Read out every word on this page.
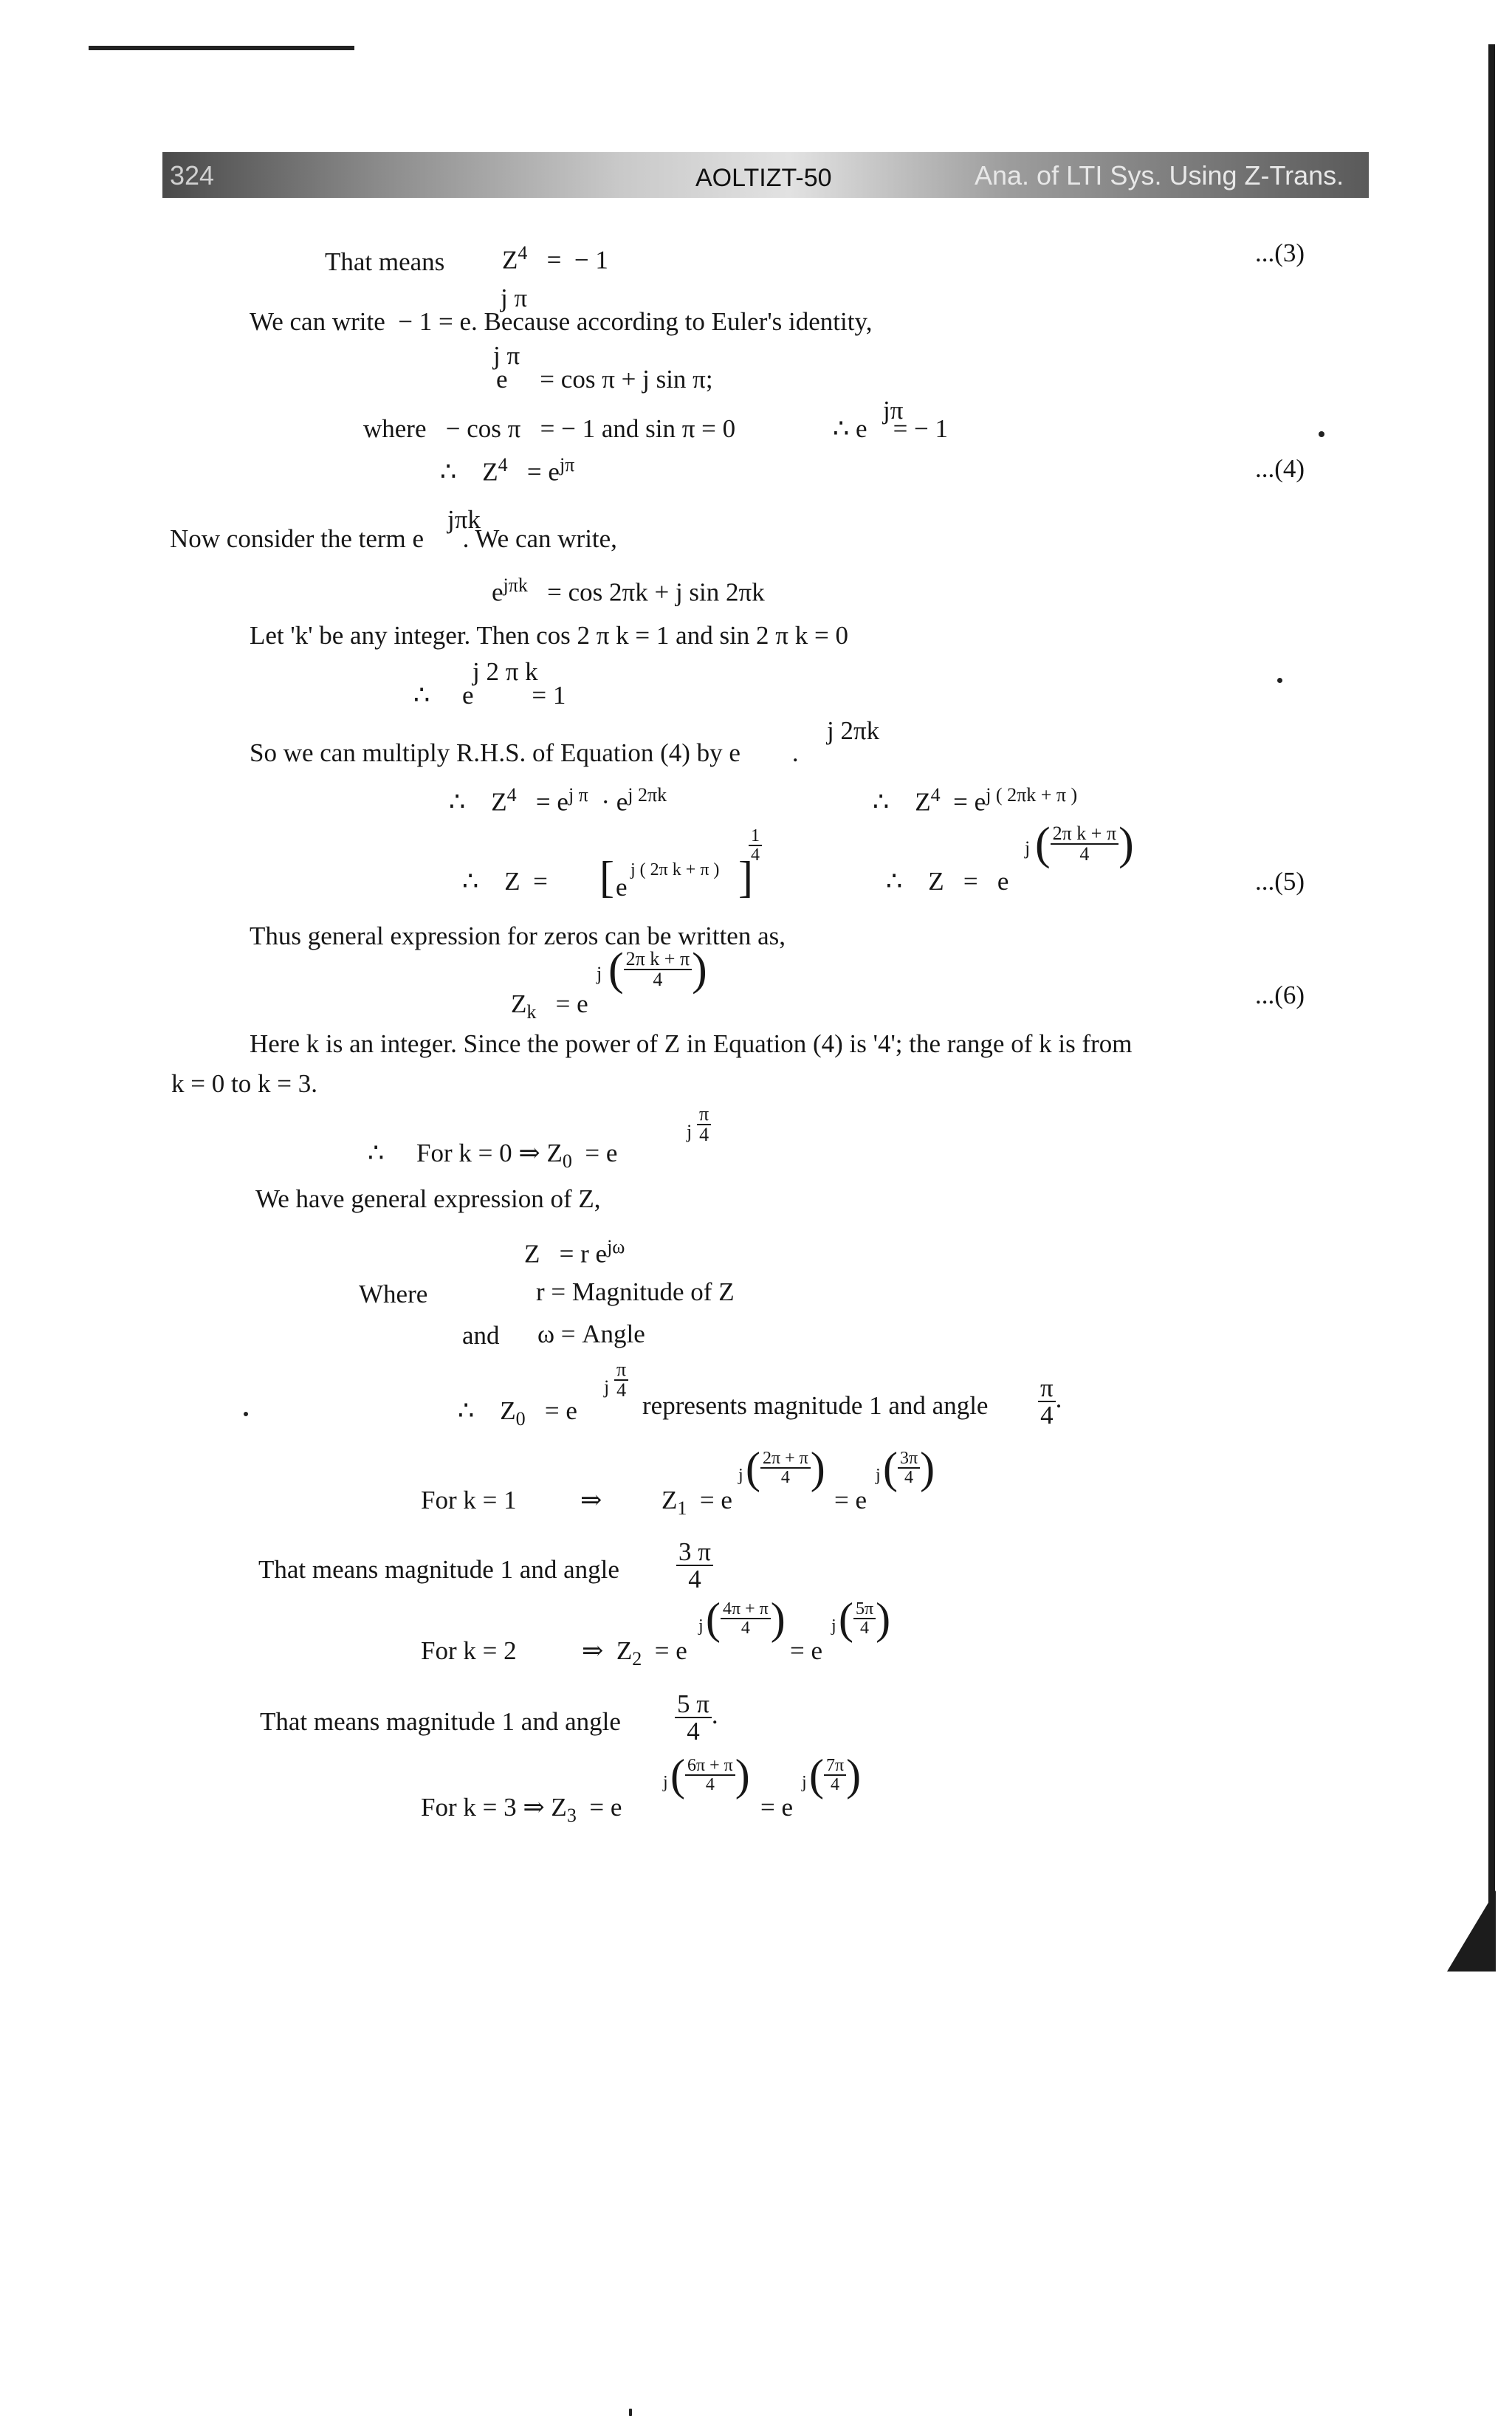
324	AOLTIZT-50	Ana. of LTI Sys. Using Z-Trans.
That means $Z^4$ = − 1	...(3)
j π
We can write − 1 = e. Because according to Euler's identity,
j π
e = cos π + j sin π;
where − cos π = − 1 and sin π = 0
jπ
∴ e = − 1
∴ $Z^4 = e^{j\pi}$	...(4)
jπk
Now consider the term e . We can write,
$e^{j\pi k} = \cos 2\pi k + j$ sin 2πk
Let 'k' be any integer. Then cos 2 π k = 1 and sin 2 π k = 0
j 2 π k
∴ e = 1
j 2πk
So we can multiply R.H.S. of Equation (4) by e .
∴ $Z^4 = e^{j \pi} \cdot e^{j 2\pi k}$	∴ $Z^4 = e^{j ( 2\pi k + \pi )}$
∴ Z = [ e
j ( 2π k + π ) ]
$\frac{1}{4}$
∴ Z = e
j ( $\frac{\text{2π k + π}}{4}$ )
...(5)
Thus general expression for zeros can be written as,
$Z_k = e$
j ( $\frac{\text{2π k + π}}{4}$ )
...(6)
Here k is an integer. Since the power of Z in Equation (4) is '4'; the range of k is from
k = 0 to k = 3.
∴ For k = 0 ⇒ $Z_0 = e$
j $\frac{\pi}{4}$
We have general expression of Z,
Z = r $e^{j\omega}$
Where	r = Magnitude of Z
and ω = Angle
∴ $Z_0 = e$
j $\frac{\pi}{4}$
represents magnitude 1 and angle $\frac{\pi}{4}$ .
For k = 1 ⇒ $Z_1 = e$
j ( $\frac{2\pi + \pi}{4}$ )
= e
j ( $\frac{3\pi}{4}$ )
That means magnitude 1 and angle $\frac{3 \pi}{4}$
For k = 2	⇒ $Z_2 = e$
j ( $\frac{4\pi + \pi}{4}$ )
= e
j ( $\frac{5\pi}{4}$ )
That means magnitude 1 and angle $\frac{5 \pi}{4}$ .
For k = 3 ⇒ $Z_3 = e$
j ( $\frac{6\pi + \pi}{4}$ )
= e
j ( $\frac{7\pi}{4}$ )
